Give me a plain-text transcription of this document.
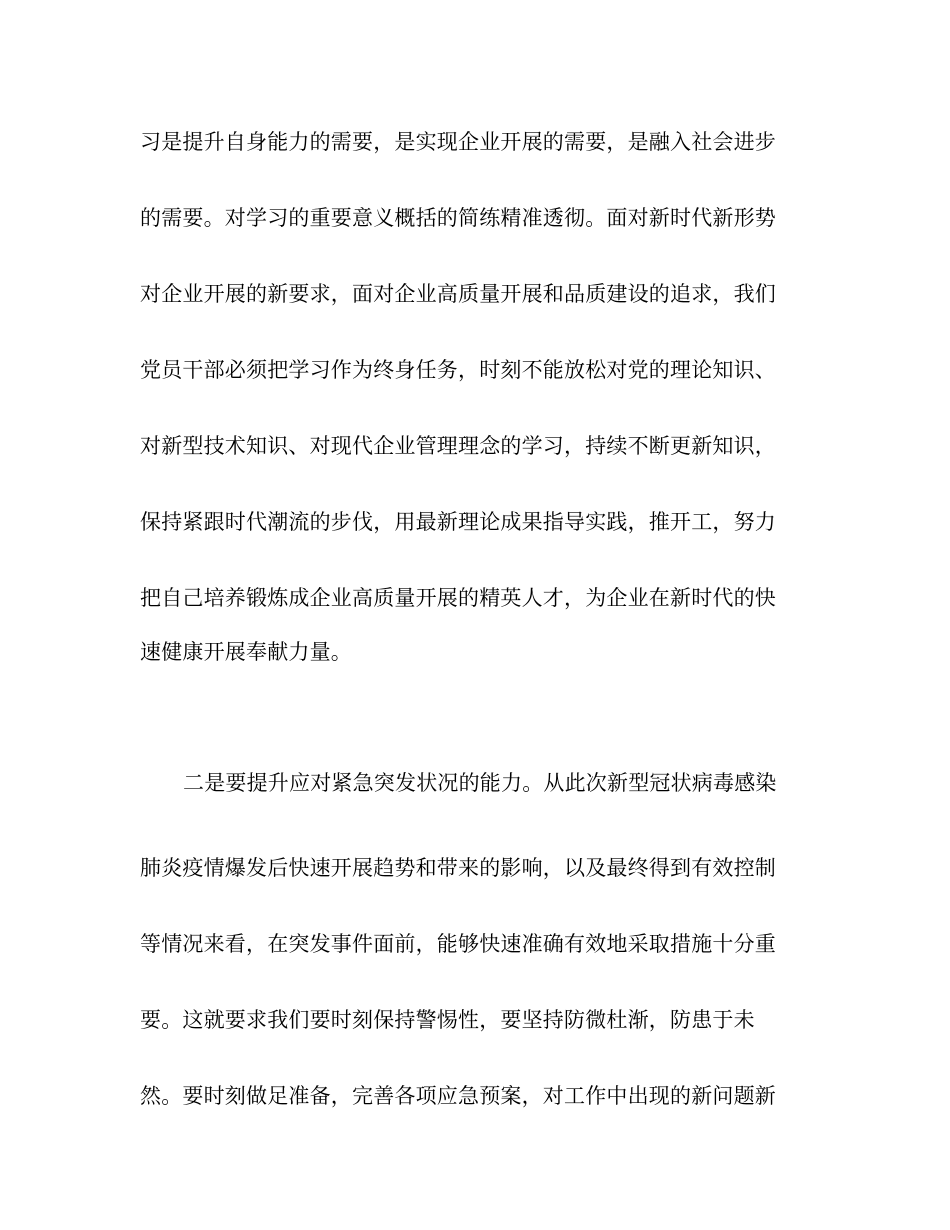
习是提升自身能力的需要，是实现企业开展的需要，是融入社会进步
的需要。对学习的重要意义概括的简练精准透彻。面对新时代新形势
对企业开展的新要求，面对企业高质量开展和品质建设的追求，我们
党员干部必须把学习作为终身任务，时刻不能放松对党的理论知识、
对新型技术知识、对现代企业管理理念的学习，持续不断更新知识，
保持紧跟时代潮流的步伐，用最新理论成果指导实践，推开工，努力
把自己培养锻炼成企业高质量开展的精英人才，为企业在新时代的快
速健康开展奉献力量。
二是要提升应对紧急突发状况的能力。从此次新型冠状病毒感染
肺炎疫情爆发后快速开展趋势和带来的影响，以及最终得到有效控制
等情况来看，在突发事件面前，能够快速准确有效地采取措施十分重
要。这就要求我们要时刻保持警惕性，要坚持防微杜渐，防患于未
然。要时刻做足准备，完善各项应急预案，对工作中出现的新问题新
